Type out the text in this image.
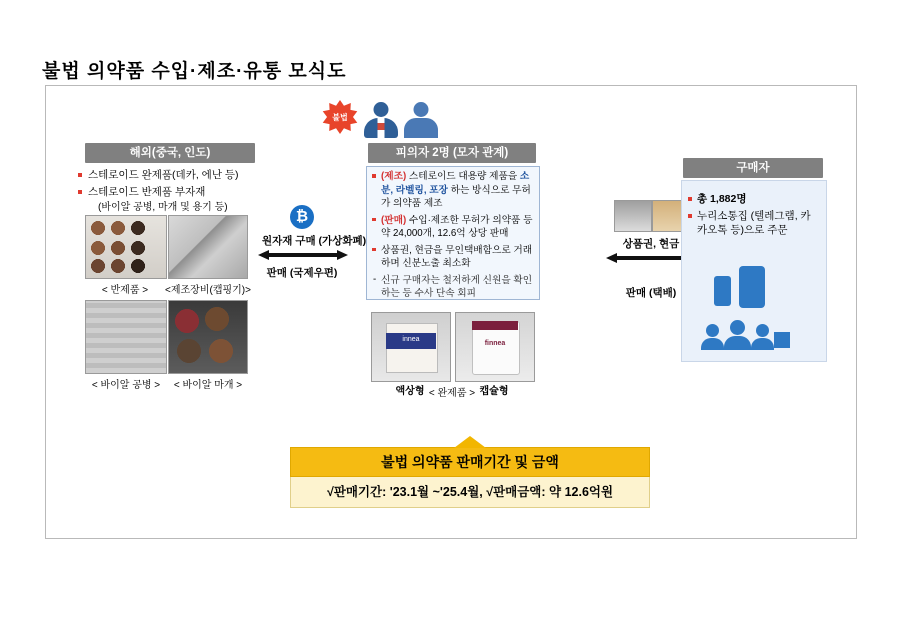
불법 의약품 수입·제조·유통 모식도
해외(중국, 인도)
스테로이드 완제품(데카, 에난 등)
스테로이드 반제품 부자재
(바이알 공병, 마개 및 용기 등)
< 반제품 >	<제조장비(캡핑기)>
< 바이알 공병 >	< 바이알 마개 >
₿
원자재 구매 (가상화폐)
판매 (국제우편)
불법
피의자 2명 (모자 관계)
(제조) 스테로이드 대용량 제품을 소분, 라벨링, 포장 하는 방식으로 무허가 의약품 제조
(판매) 수입·제조한 무허가 의약품 등 약 24,000개, 12.6억 상당 판매
상품권, 현금을 무인택배함으로 거래하며 신분노출 최소화
- 신규 구매자는 철저하게 신원을 확인하는 등 수사 단속 회피
innea
finnea
액상형	캡슐형
< 완제품 >
상품권, 현금
판매 (택배)
구매자
총 1,882명
누리소통집 (텔레그램, 카카오톡 등)으로 주문
불법 의약품 판매기간 및 금액
√판매기간: '23.1월 ~'25.4월, √판매금액: 약 12.6억원
